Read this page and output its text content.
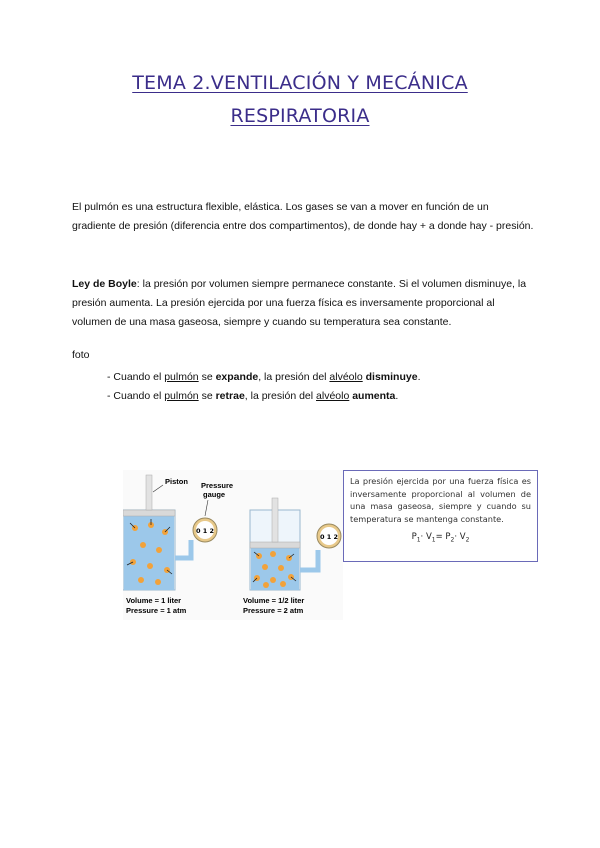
TEMA 2.VENTILACIÓN Y MECÁNICA
RESPIRATORIA
El pulmón es una estructura flexible, elástica. Los gases se van a mover en función de un gradiente de presión (diferencia entre dos compartimentos), de donde hay + a donde hay - presión.
Ley de Boyle: la presión por volumen siempre permanece constante. Si el volumen disminuye, la presión aumenta. La presión ejercida por una fuerza física es inversamente proporcional al volumen de una masa gaseosa, siempre y cuando su temperatura sea constante.
foto
- Cuando el pulmón se expande, la presión del alvéolo disminuye.
- Cuando el pulmón se retrae, la presión del alvéolo aumenta.
0 1 2
Piston Pressure
gauge
0 1 2
Volume = 1 liter
Pressure = 1 atm
Volume = 1/2 liter
Pressure = 2 atm
La presión ejercida por una fuerza física es inversamente proporcional al volumen de una masa gaseosa, siempre y cuando su temperatura se mantenga constante.
$P_1\cdot V_1= P_2\cdot V_2$
